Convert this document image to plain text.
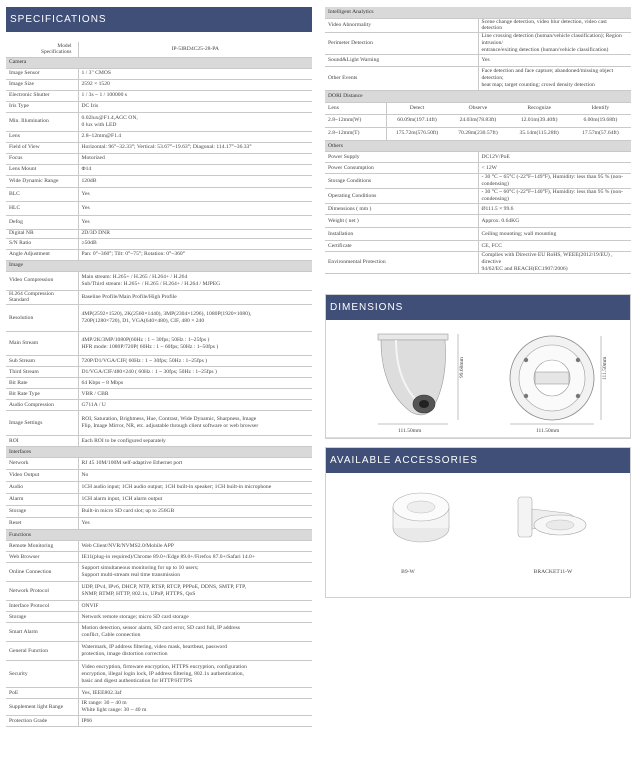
SPECIFICATIONS
Model
Specifications	IP-5IRD4C25-28-PA
Camera	
Image Sensor	1 / 3" CMOS
Image Size	2592 × 1520
Electronic Shutter	1 / 3s ~ 1 / 100000 s
Iris Type	DC Iris
Min. Illumination	0.02lux@F1.4,AGC ON,
0 lux with LED
Lens	2.8~12mm@F1.4
Field of View	Horizontal: 96°~32.33°; Vertical: 53.67°~19.63°; Diagonal: 114.17°~36.33°
Focus	Motorized
Lens Mount	Φ14
Wide Dynamic Range	120dB
BLC	Yes
HLC	Yes
Defog	Yes
Digital NR	2D/3D DNR
S/N Ratio	≥50dB
Angle Adjustment	Pan: 0°~360°; Tilt: 0°~75°; Rotation: 0°~360°
Image	
Video Compression	Main stream: H.265+ / H.265 / H.264+ / H.264
Sub/Third stream: H.265+ / H.265 / H.264+ / H.264 / MJPEG
H.264 Compression Standard	Baseline Profile/Main Profile/High Profile
Resolution	4MP(2592×1520), 2K(2560×1440), 3MP(2304×1296), 1080P(1920×1080),
720P(1280×720), D1, VGA(640×480), CIF, 480 × 240
Main Stream	4MP/2K/3MP/1080P(60Hz : 1 ~ 30fps; 50Hz : 1~25fps )
HFR mode: 1080P/720P( 60Hz : 1 ~ 60fps; 50Hz : 1~50fps )
Sub Stream	720P/D1/VGA/CIF( 60Hz : 1 ~ 30fps; 50Hz : 1~25fps )
Third Stream	D1/VGA/CIF/480×240 ( 60Hz : 1 ~ 30fps; 50Hz : 1~25fps )
Bit Rate	64 Kbps ~ 8 Mbps
Bit Rate Type	VBR / CBR
Audio Compression	G711A / U
Image Settings	ROI, Saturation, Brightness, Hue, Contrast, Wide Dynamic, Sharpness, Image
Flip, Image Mirror, NR, etc. adjustable through client software or web browser
ROI	Each ROI to be configured separately
Interfaces	
Network	RJ 45 10M/100M self-adaptive Ethernet port
Video Output	No
Audio	1CH audio input; 1CH audio output; 1CH built-in speaker; 1CH built-in microphone
Alarm	1CH alarm input, 1CH alarm output
Storage	Built-in micro SD card slot; up to 256GB
Reset	Yes
Functions	
Remote Monitoring	Web Client/NVR/NVMS2.0/Mobile APP
Web Browser	IE11(plug-in required)/Chrome 89.0+/Edge 89.0+/Firefox 87.0+/Safari 14.0+
Online Connection	Support simultaneous monitoring for up to 10 users;
Support multi-stream real time transmission
Network Protocol	UDP, IPv4, IPv6, DHCP, NTP, RTSP, RTCP, PPPoE, DDNS, SMTP, FTP,
SNMP, RTMP, HTTP, 802.1x, UPnP, HTTPS, QoS
Interface Protocol	ONVIF
Storage	Network remote storage; micro SD card storage
Smart Alarm	Motion detection, sensor alarm, SD card error, SD card full, IP address
conflict, Cable connection
General Function	Watermark, IP address filtering, video mask, heartbeat, password
protection, image distortion correction
Security	Video encryption, firmware encryption, HTTPS encryption, configuration
encryption, illegal login lock, IP address filtering, 802.1x authentication,
basic and digest authentication for HTTP/HTTPS
PoE	Yes, IEEE802.3af
Supplement light Range	IR range: 30 ~ 40 m
White light range: 30 ~ 40 m
Protection Grade	IP66
Intelligent Analytics	
Video Abnormality	Scene change detection, video blur detection, video cast detection
Perimeter Detection	Line crossing detection (human/vehicle classification); Region intrusion/
entrance/exiting detection (human/vehicle classification)
Sound&Light Warning	Yes
Other Events	Face detection and face capture; abandoned/missing object detection;
heat map; target counting; crowd density detection
DORI Distance				
Lens	Detect	Observe	Recognize	Identify
2.8~12mm(W)	60.09m(197.14ft)	24.03m(78.83ft)	12.01m(39.40ft)	6.00m(19.68ft)
2.8~12mm(T)	175.72m(576.50ft)	70.28m(230.57ft)	35.14m(115.28ft)	17.57m(57.64ft)
Others	
Power Supply	DC12V/PoE
Power Consumption	< 12W
Storage Conditions	- 30 °C ~ 65°C (-22°F~149°F), Humidity: less than 95 % (non-condensing)
Operating Conditions	- 30 °C ~ 60°C (-22°F~140°F), Humidity: less than 95 % (non-condensing)
Dimensions ( mm )	Ø111.5 × 99.6
Weight ( net )	Approx. 0.64KG
Installation	Ceiling mounting; wall mounting
Certificate	CE, FCC
Environmental Protection	Complies with Directive EU RoHS, WEEE(2012/19/EU) , directive
94/62/EC and REACH(EC1907/2006)
DIMENSIONS
99.60mm
111.50mm
111.50mm
111.50mm
AVAILABLE ACCESSORIES
B9-W	BRACKET11-W
